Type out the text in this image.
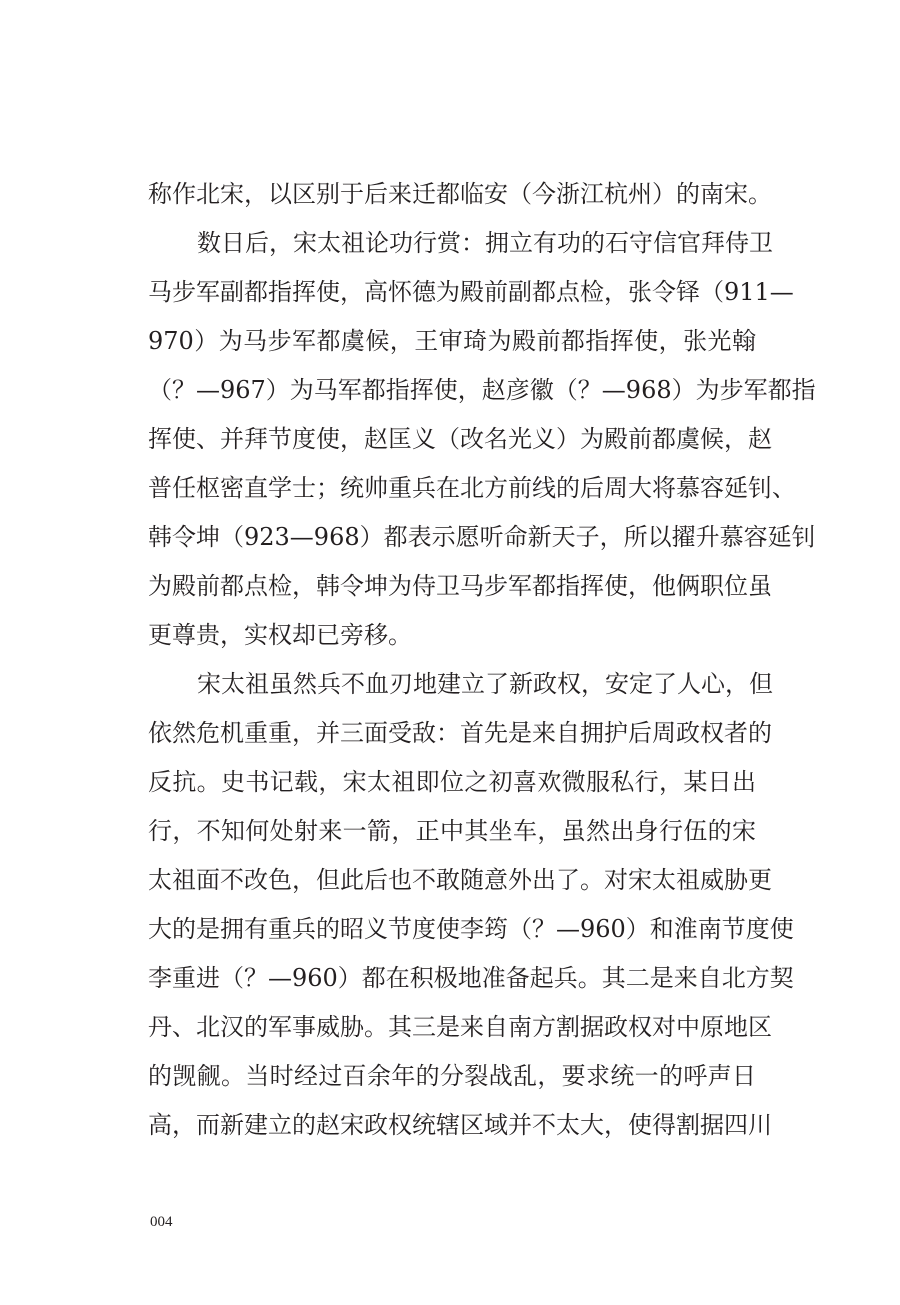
称作北宋，以区别于后来迁都临安（今浙江杭州）的南宋。
数日后，宋太祖论功行赏：拥立有功的石守信官拜侍卫
马步军副都指挥使，高怀德为殿前副都点检，张令铎（911—
970）为马步军都虞候，王审琦为殿前都指挥使，张光翰
（？—967）为马军都指挥使，赵彦徽（？—968）为步军都指
挥使、并拜节度使，赵匡义（改名光义）为殿前都虞候，赵
普任枢密直学士；统帅重兵在北方前线的后周大将慕容延钊、
韩令坤（923—968）都表示愿听命新天子，所以擢升慕容延钊
为殿前都点检，韩令坤为侍卫马步军都指挥使，他俩职位虽
更尊贵，实权却已旁移。
宋太祖虽然兵不血刃地建立了新政权，安定了人心，但
依然危机重重，并三面受敌：首先是来自拥护后周政权者的
反抗。史书记载，宋太祖即位之初喜欢微服私行，某日出
行，不知何处射来一箭，正中其坐车，虽然出身行伍的宋
太祖面不改色，但此后也不敢随意外出了。对宋太祖威胁更
大的是拥有重兵的昭义节度使李筠（？—960）和淮南节度使
李重进（？—960）都在积极地准备起兵。其二是来自北方契
丹、北汉的军事威胁。其三是来自南方割据政权对中原地区
的觊觎。当时经过百余年的分裂战乱，要求统一的呼声日
高，而新建立的赵宋政权统辖区域并不太大，使得割据四川
004
